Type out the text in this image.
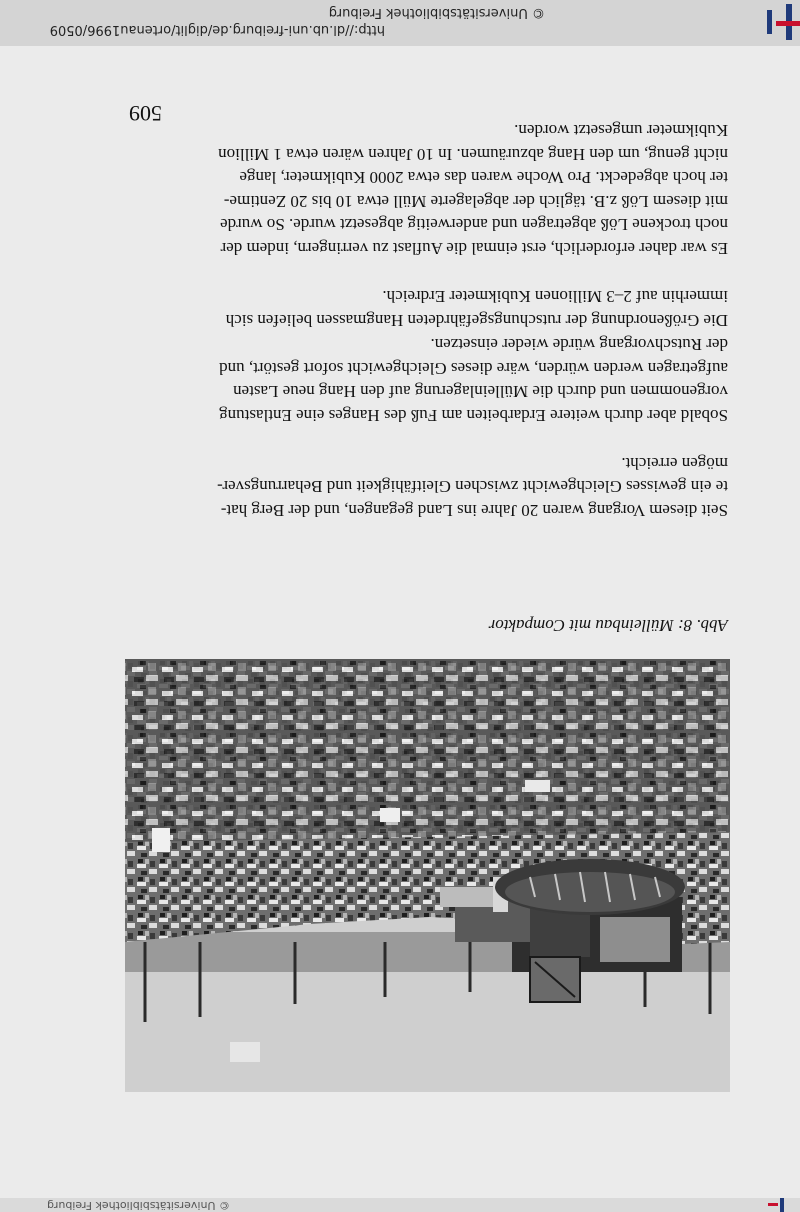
© Universitätsbibliothek Freiburg
Abb. 8: Mülleinbau mit Compaktor
Seit diesem Vorgang waren 20 Jahre ins Land gegangen, und der Berg hat-
te ein gewisses Gleichgewicht zwischen Gleitfähigkeit und Beharrungsver-
mögen erreicht.
Sobald aber durch weitere Erdarbeiten am Fuß des Hanges eine Entlastung
vorgenommen und durch die Mülleinlagerung auf den Hang neue Lasten
aufgetragen werden würden, wäre dieses Gleichgewicht sofort gestört, und
der Rutschvorgang würde wieder einsetzen.
Die Größenordnung der rutschungsgefährdeten Hangmassen beliefen sich
immerhin auf 2–3 Millionen Kubikmeter Erdreich.
Es war daher erforderlich, erst einmal die Auflast zu verringern, indem der
noch trockene Löß abgetragen und anderweitig abgesetzt wurde. So wurde
mit diesem Löß z.B. täglich der abgelagerte Müll etwa 10 bis 20 Zentime-
ter hoch abgedeckt. Pro Woche waren das etwa 2000 Kubikmeter, lange
nicht genug, um den Hang abzuräumen. In 10 Jahren wären etwa 1 Million
Kubikmeter umgesetzt worden.
509
http://dl.ub.uni-freiburg.de/diglit/ortenau1996/0509
© Universitätsbibliothek Freiburg
